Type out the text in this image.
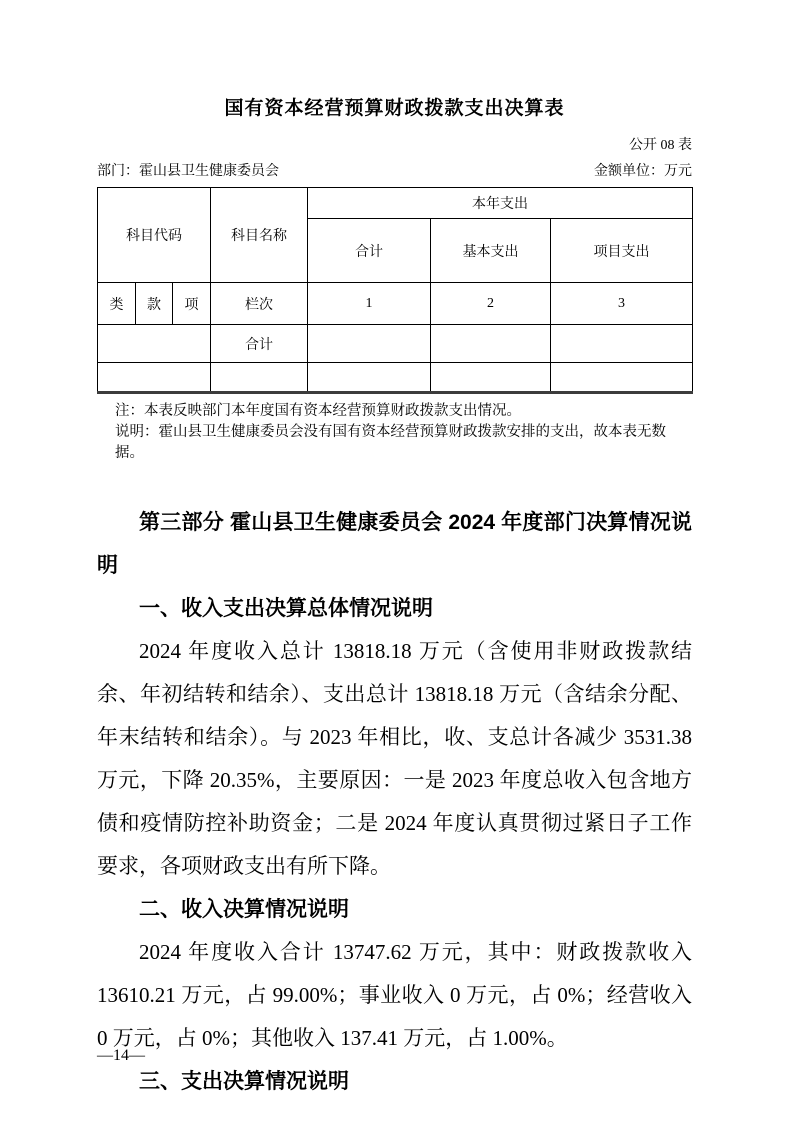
国有资本经营预算财政拨款支出决算表
公开 08 表
部门：霍山县卫生健康委员会	金额单位：万元
科目代码			科目名称	本年支出		
				合计	基本支出	项目支出
类	款	项	栏次	1	2	3
			合计			

注：本表反映部门本年度国有资本经营预算财政拨款支出情况。
说明：霍山县卫生健康委员会没有国有资本经营预算财政拨款安排的支出，故本表无数据。
第三部分 霍山县卫生健康委员会 2024 年度部门决算情况说明
一、收入支出决算总体情况说明
2024 年度收入总计 13818.18 万元（含使用非财政拨款结余、年初结转和结余）、支出总计 13818.18 万元（含结余分配、年末结转和结余）。与 2023 年相比，收、支总计各减少 3531.38 万元，下降 20.35%，主要原因：一是 2023 年度总收入包含地方债和疫情防控补助资金；二是 2024 年度认真贯彻过紧日子工作要求，各项财政支出有所下降。
二、收入决算情况说明
2024 年度收入合计 13747.62 万元，其中：财政拨款收入 13610.21 万元，占 99.00%；事业收入 0 万元，占 0%；经营收入 0 万元，占 0%；其他收入 137.41 万元，占 1.00%。
三、支出决算情况说明
—14—
